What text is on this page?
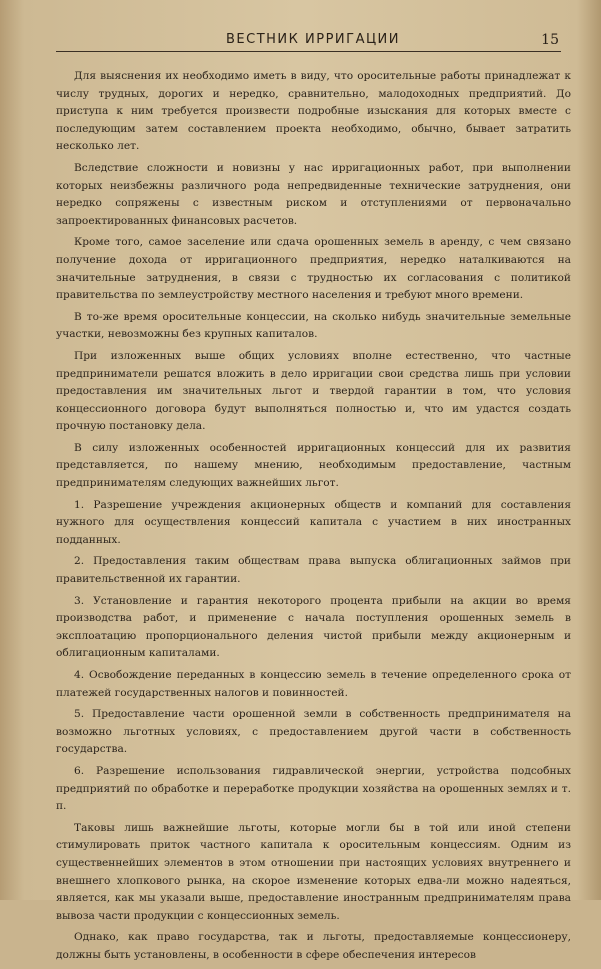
ВЕСТНИК ИРРИГАЦИИ	15

Для выяснения их необходимо иметь в виду, что оросительные работы принадлежат к числу трудных, дорогих и нередко, сравнительно, малодоходных предприятий. До приступа к ним требуется произвести подробные изыскания для которых вместе с последующим затем составлением проекта необходимо, обычно, бывает затратить несколько лет.

Вследствие сложности и новизны у нас ирригационных работ, при выполнении которых неизбежны различного рода непредвиденные технические затруднения, они нередко сопряжены с известным риском и отступлениями от первоначально запроектированных финансовых расчетов.

Кроме того, самое заселение или сдача орошенных земель в аренду, с чем связано получение дохода от ирригационного предприятия, нередко наталкиваются на значительные затруднения, в связи с трудностью их согласования с политикой правительства по землеустройству местного населения и требуют много времени.

В то-же время оросительные концессии, на сколько нибудь значительные земельные участки, невозможны без крупных капиталов.

При изложенных выше общих условиях вполне естественно, что частные предприниматели решатся вложить в дело ирригации свои средства лишь при условии предоставления им значительных льгот и твердой гарантии в том, что условия концессионного договора будут выполняться полностью и, что им удастся создать прочную постановку дела.

В силу изложенных особенностей ирригационных концессий для их развития представляется, по нашему мнению, необходимым предоставление, частным предпринимателям следующих важнейших льгот.

1. Разрешение учреждения акционерных обществ и компаний для составления нужного для осуществления концессий капитала с участием в них иностранных подданных.

2. Предоставления таким обществам права выпуска облигационных займов при правительственной их гарантии.

3. Установление и гарантия некоторого процента прибыли на акции во время производства работ, и применение с начала поступления орошенных земель в эксплоатацию пропорционального деления чистой прибыли между акционерным и облигационным капиталами.

4. Освобождение переданных в концессию земель в течение определенного срока от платежей государственных налогов и повинностей.

5. Предоставление части орошенной земли в собственность предпринимателя на возможно льготных условиях, с предоставлением другой части в собственность государства.

6. Разрешение использования гидравлической энергии, устройства подсобных предприятий по обработке и переработке продукции хозяйства на орошенных землях и т. п.

Таковы лишь важнейшие льготы, которые могли бы в той или иной степени стимулировать приток частного капитала к оросительным концессиям. Одним из существеннейших элементов в этом отношении при настоящих условиях внутреннего и внешнего хлопкового рынка, на скорое изменение которых едва-ли можно надеяться, является, как мы указали выше, предоставление иностранным предпринимателям права вывоза части продукции с концессионных земель.

Однако, как право государства, так и льготы, предоставляемые концессионеру, должны быть установлены, в особенности в сфере обеспечения интересов
